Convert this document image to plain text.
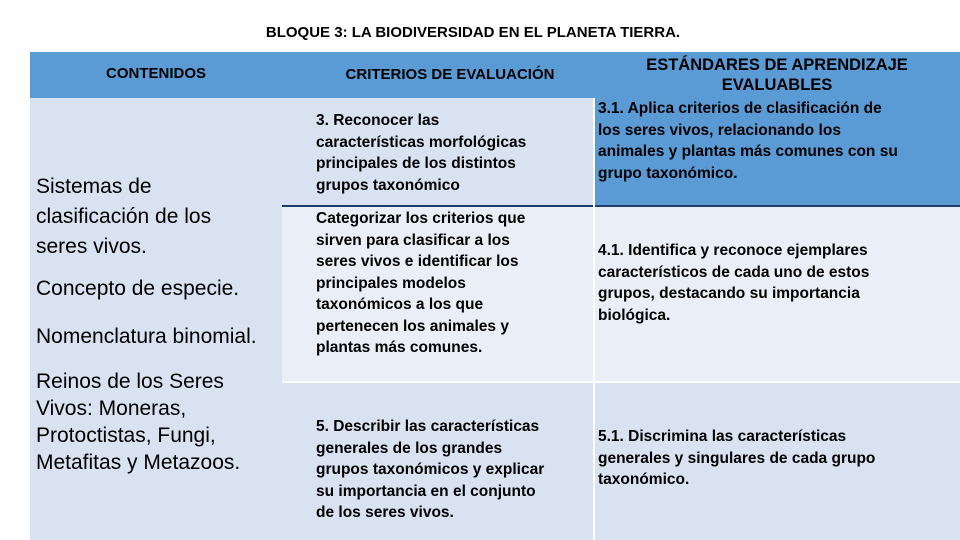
BLOQUE 3: LA BIODIVERSIDAD EN EL PLANETA TIERRA.
CONTENIDOS	CRITERIOS DE EVALUACIÓN
ESTÁNDARES DE APRENDIZAJE
EVALUABLES
Sistemas de
clasificación de los
seres vivos.
Concepto de especie.
Nomenclatura binomial.
Reinos de los Seres
Vivos: Moneras,
Protoctistas, Fungi,
Metafitas y Metazoos.
3. Reconocer las
características morfológicas
principales de los distintos
grupos taxonómico
Categorizar los criterios que
sirven para clasificar a los
seres vivos e identificar los
principales modelos
taxonómicos a los que
pertenecen los animales y
plantas más comunes.
5. Describir las características
generales de los grandes
grupos taxonómicos y explicar
su importancia en el conjunto
de los seres vivos.
3.1. Aplica criterios de clasificación de
los seres vivos, relacionando los
animales y plantas más comunes con su
grupo taxonómico.
4.1. Identifica y reconoce ejemplares
característicos de cada uno de estos
grupos, destacando su importancia
biológica.
5.1. Discrimina las características
generales y singulares de cada grupo
taxonómico.
